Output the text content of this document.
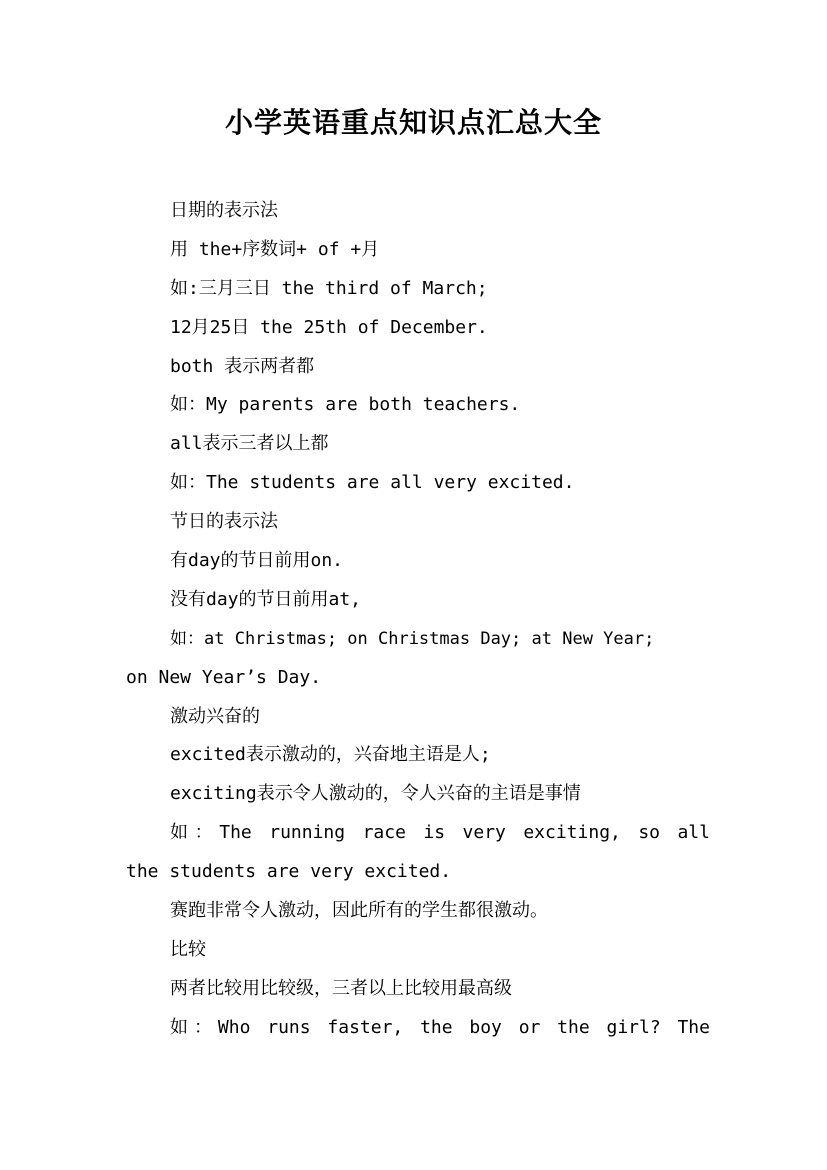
小学英语重点知识点汇总大全
日期的表示法
用 the+序数词+ of +月
如:三月三日 the third of March;
12月25日 the 25th of December.
both 表示两者都
如：My parents are both teachers.
all表示三者以上都
如：The students are all very excited.
节日的表示法
有day的节日前用on.
没有day的节日前用at,
如：at Christmas; on Christmas Day; at New Year;
on New Year’s Day.
激动兴奋的
excited表示激动的，兴奋地主语是人;
exciting表示令人激动的，令人兴奋的主语是事情
如：The running race is very exciting, so all
the students are very excited.
赛跑非常令人激动，因此所有的学生都很激动。
比较
两者比较用比较级，三者以上比较用最高级
如：Who runs faster, the boy or the girl? The
